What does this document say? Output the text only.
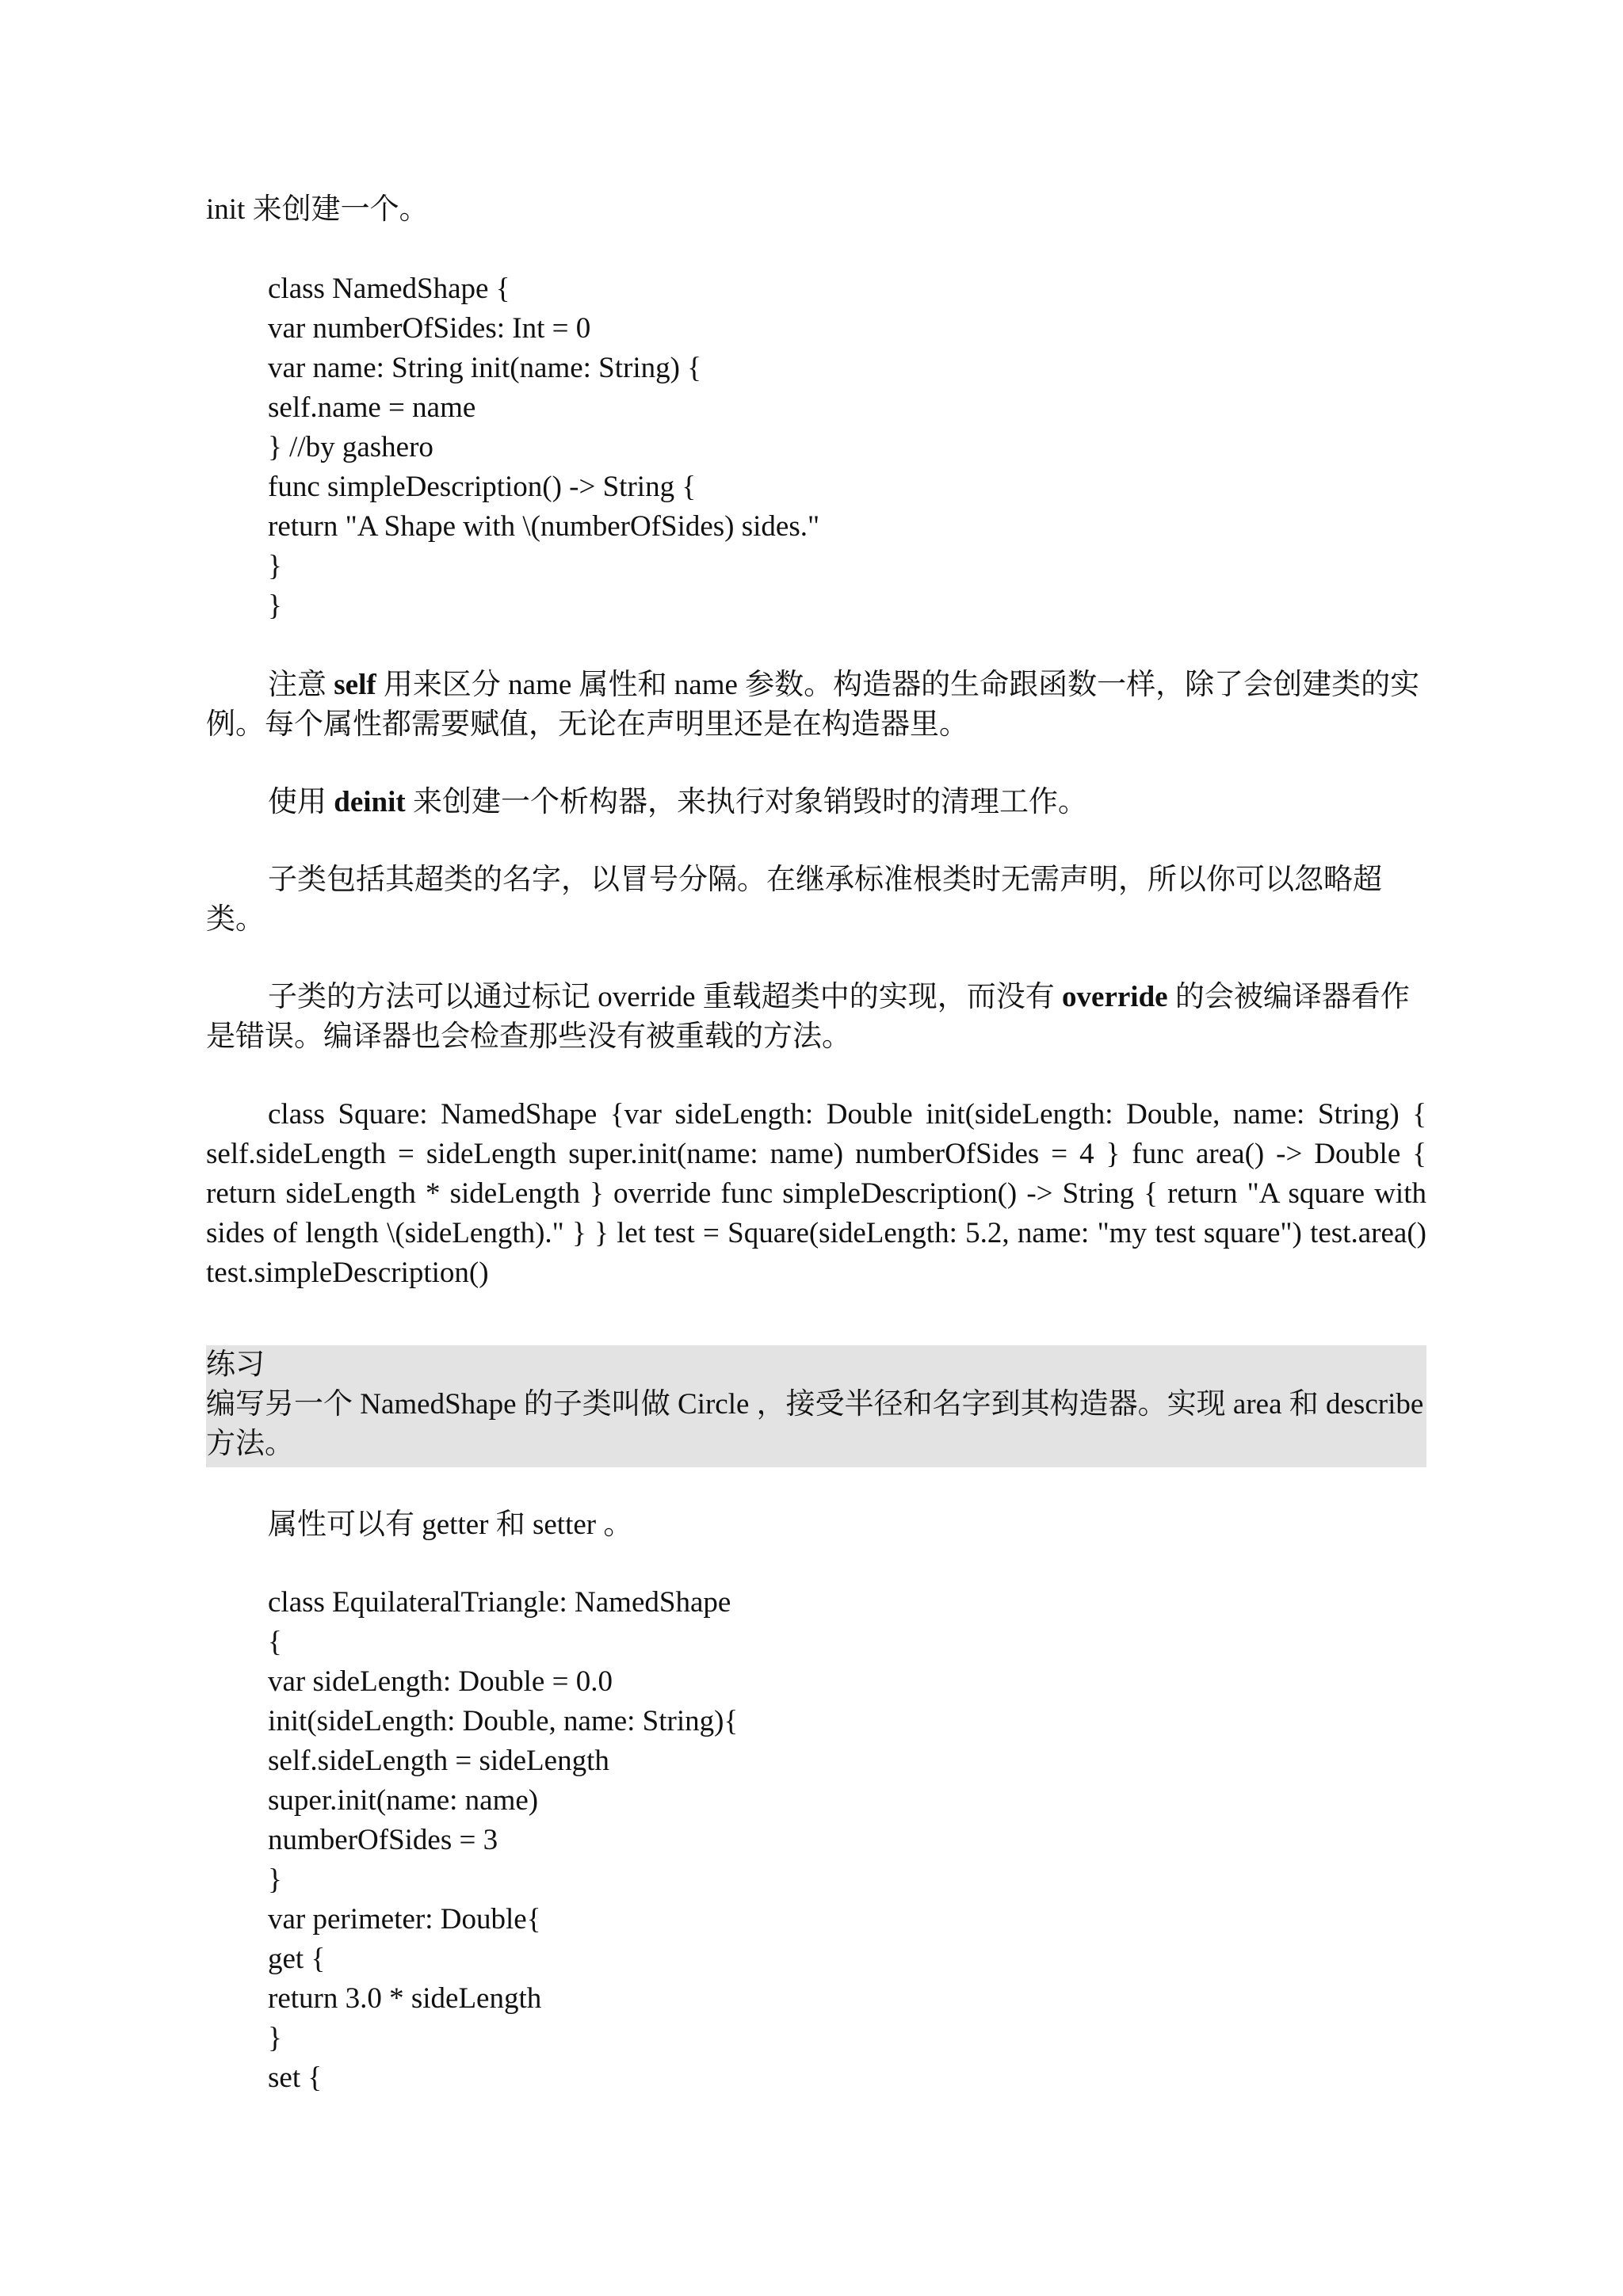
init 来创建一个。

class NamedShape {

var numberOfSides: Int = 0

var name: String init(name: String) {

self.name = name

} //by gashero

func simpleDescription() -> String {

return "A Shape with \(numberOfSides) sides."

}

}

注意 self 用来区分 name 属性和 name 参数。构造器的生命跟函数一样，除了会创建类的实例。每个属性都需要赋值，无论在声明里还是在构造器里。

使用 deinit 来创建一个析构器，来执行对象销毁时的清理工作。

子类包括其超类的名字，以冒号分隔。在继承标准根类时无需声明，所以你可以忽略超类。

子类的方法可以通过标记 override 重载超类中的实现，而没有 override 的会被编译器看作是错误。编译器也会检查那些没有被重载的方法。

class Square: NamedShape {var sideLength: Double init(sideLength: Double, name: String) { self.sideLength = sideLength super.init(name: name) numberOfSides = 4 } func area() -> Double { return sideLength * sideLength } override func simpleDescription() -> String { return "A square with sides of length \(sideLength)." } } let test = Square(sideLength: 5.2, name: "my test square") test.area() test.simpleDescription()

练习

编写另一个 NamedShape 的子类叫做 Circle ，接受半径和名字到其构造器。实现 area 和 describe 方法。

属性可以有 getter 和 setter 。

class EquilateralTriangle: NamedShape

{

var sideLength: Double = 0.0

init(sideLength: Double, name: String){

self.sideLength = sideLength

super.init(name: name)

numberOfSides = 3

}

var perimeter: Double{

get {

return 3.0 * sideLength

}

set {
